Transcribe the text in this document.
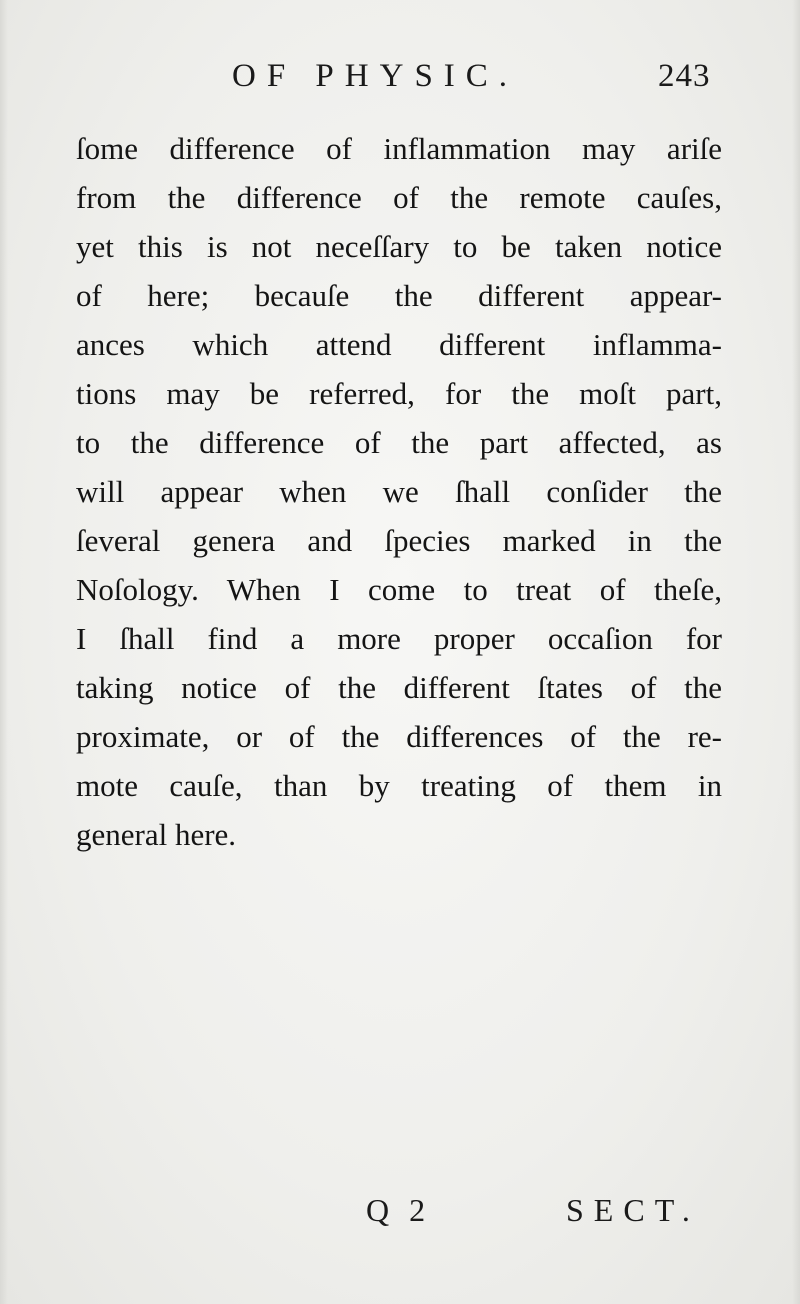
OF PHYSIC.	243
ſome difference of inflammation may ariſe
from the difference of the remote cauſes,
yet this is not neceſſary to be taken notice
of here; becauſe the different appear-
ances which attend different inflamma-
tions may be referred, for the moſt part,
to the difference of the part affected, as
will appear when we ſhall conſider the
ſeveral genera and ſpecies marked in the
Noſology. When I come to treat of theſe,
I ſhall find a more proper occaſion for
taking notice of the different ſtates of the
proximate, or of the differences of the re-
mote cauſe, than by treating of them in
general here.
Q 2	SECT.
